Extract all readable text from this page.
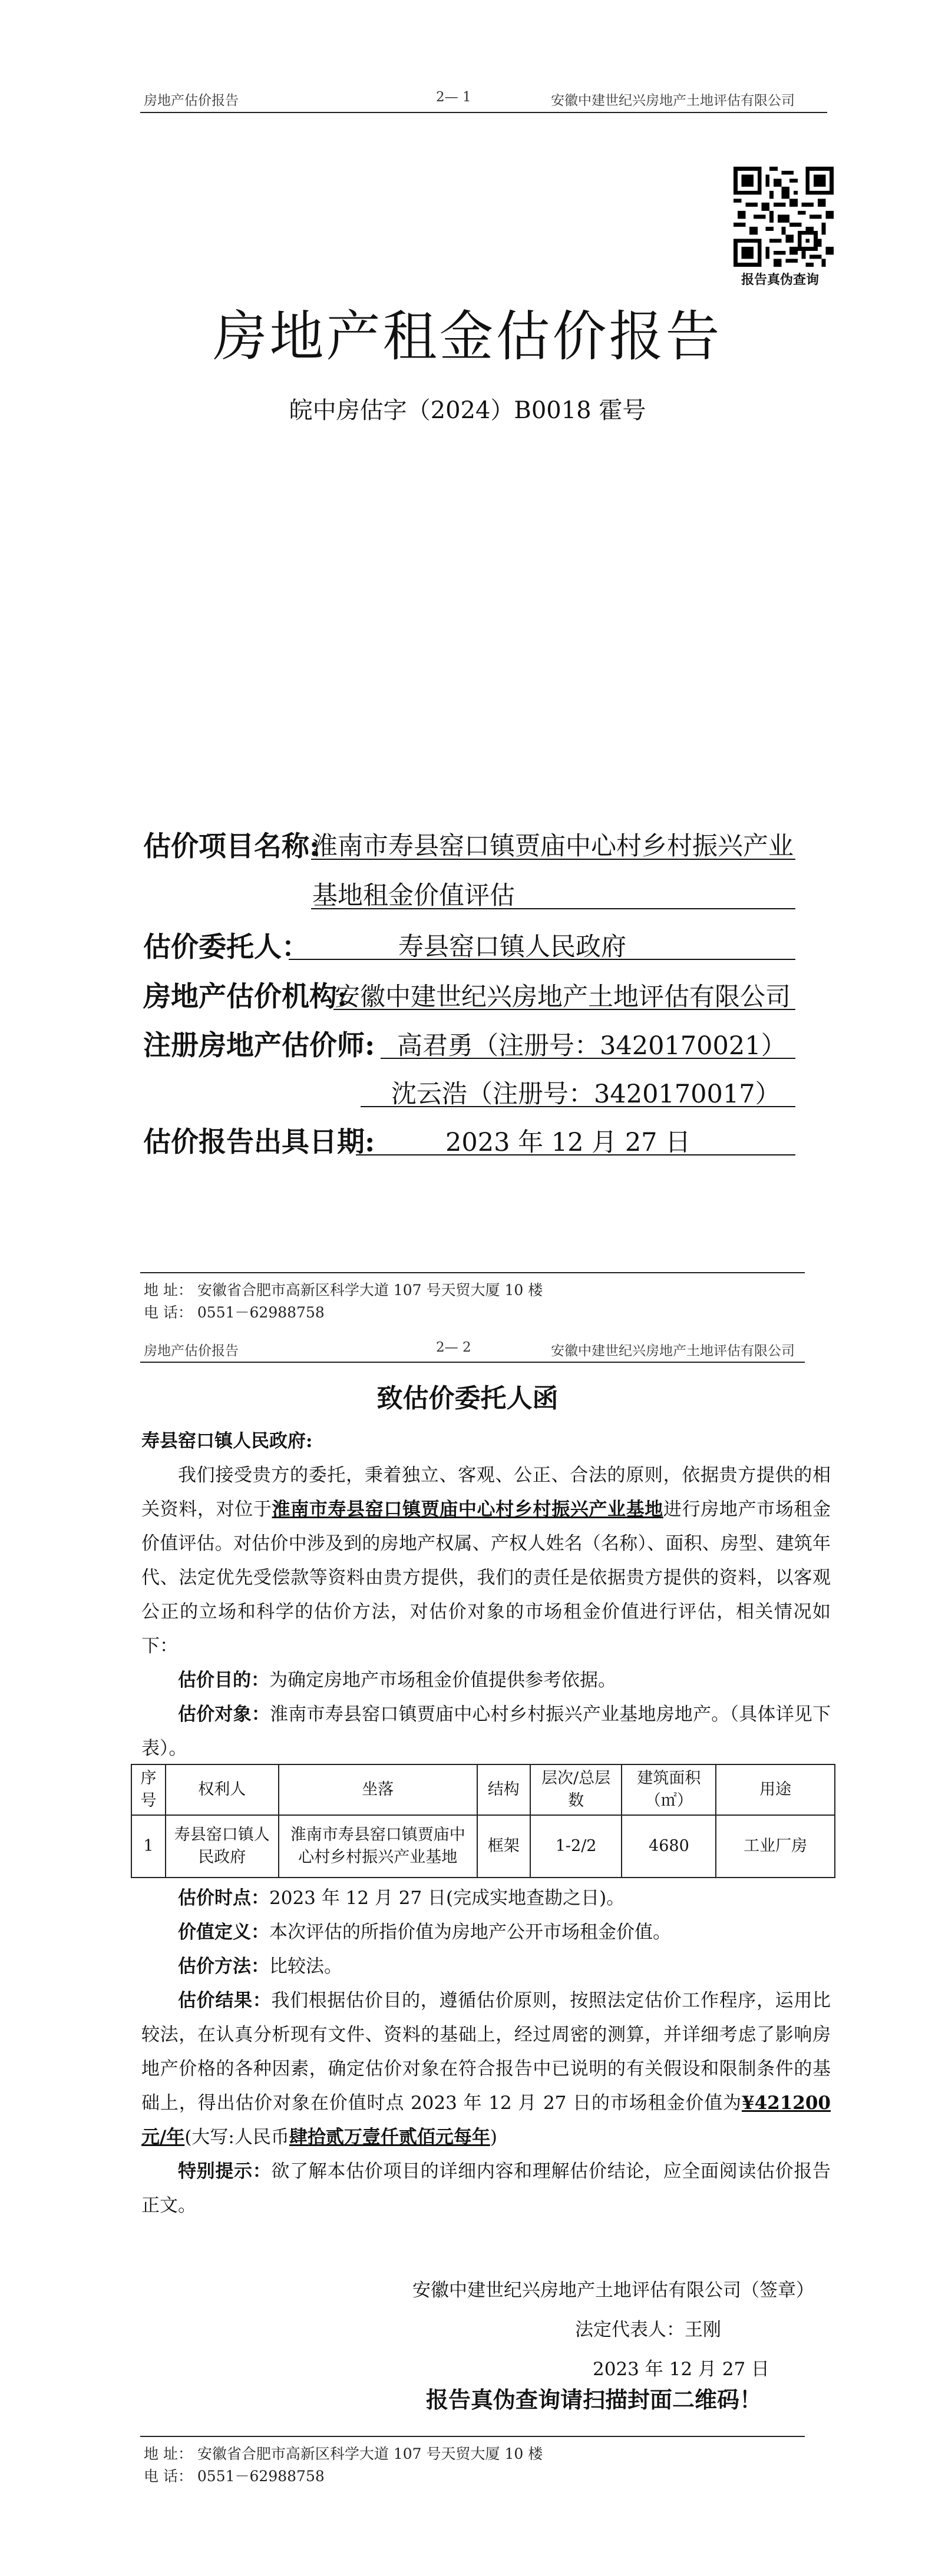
房地产估价报告	2— 1	安徽中建世纪兴房地产土地评估有限公司
报告真伪查询
房地产租金估价报告
皖中房估字（2024）B0018 霍号
估价项目名称:
淮南市寿县窑口镇贾庙中心村乡村振兴产业
基地租金价值评估
估价委托人：	寿县窑口镇人民政府
房地产估价机构:
安徽中建世纪兴房地产土地评估有限公司
注册房地产估价师: 高君勇（注册号：3420170021）
沈云浩（注册号：3420170017）
估价报告出具日期:	2023 年 12 月 27 日
地 址： 安徽省合肥市高新区科学大道 107 号天贸大厦 10 楼
电 话： 0551－62988758
房地产估价报告	2— 2	安徽中建世纪兴房地产土地评估有限公司
致估价委托人函

寿县窑口镇人民政府:

我们接受贵方的委托，秉着独立、客观、公正、合法的原则，依据贵方提供的相关资料，对位于淮南市寿县窑口镇贾庙中心村乡村振兴产业基地进行房地产市场租金价值评估。对估价中涉及到的房地产权属、产权人姓名（名称）、面积、房型、建筑年代、法定优先受偿款等资料由贵方提供，我们的责任是依据贵方提供的资料，以客观公正的立场和科学的估价方法，对估价对象的市场租金价值进行评估，相关情况如下：

估价目的：为确定房地产市场租金价值提供参考依据。

估价对象：淮南市寿县窑口镇贾庙中心村乡村振兴产业基地房地产。（具体详见下表）。

序号	权利人	坐落	结构	层次/总层数	建筑面积（㎡）	用途
1	寿县窑口镇人民政府	淮南市寿县窑口镇贾庙中心村乡村振兴产业基地	框架	1-2/2	4680	工业厂房

估价时点：2023 年 12 月 27 日(完成实地查勘之日)。

价值定义：本次评估的所指价值为房地产公开市场租金价值。

估价方法：比较法。

估价结果：我们根据估价目的，遵循估价原则，按照法定估价工作程序，运用比较法，在认真分析现有文件、资料的基础上，经过周密的测算，并详细考虑了影响房地产价格的各种因素，确定估价对象在符合报告中已说明的有关假设和限制条件的基础上，得出估价对象在价值时点 2023 年 12 月 27 日的市场租金价值为¥421200元/年(大写:人民币肆拾贰万壹仟贰佰元每年)

特别提示：欲了解本估价项目的详细内容和理解估价结论，应全面阅读估价报告正文。

安徽中建世纪兴房地产土地评估有限公司（签章）
法定代表人：王刚
2023 年 12 月 27 日
报告真伪查询请扫描封面二维码！
地 址： 安徽省合肥市高新区科学大道 107 号天贸大厦 10 楼
电 话： 0551－62988758
